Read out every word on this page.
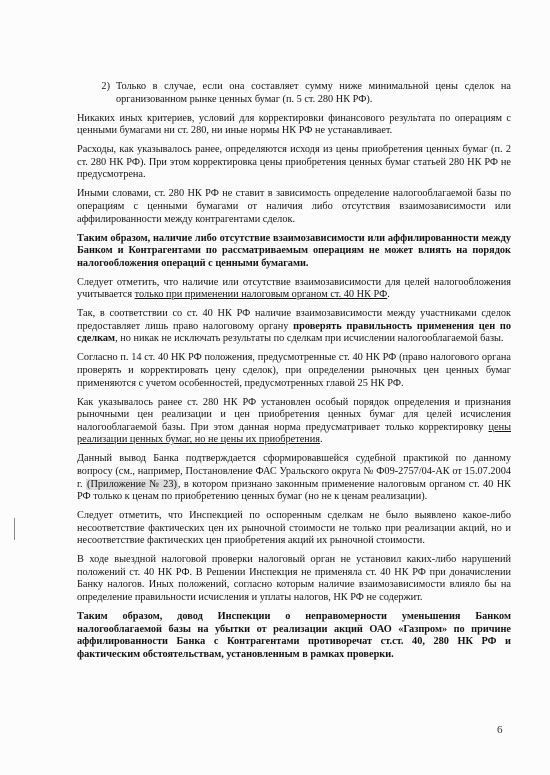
2) Только в случае, если она составляет сумму ниже минимальной цены сделок на организованном рынке ценных бумаг (п. 5 ст. 280 НК РФ).

Никаких иных критериев, условий для корректировки финансового результата по операциям с ценными бумагами ни ст. 280, ни иные нормы НК РФ не устанавливает.

Расходы, как указывалось ранее, определяются исходя из цены приобретения ценных бумаг (п. 2 ст. 280 НК РФ). При этом корректировка цены приобретения ценных бумаг статьей 280 НК РФ не предусмотрена.

Иными словами, ст. 280 НК РФ не ставит в зависимость определение налогооблагаемой базы по операциям с ценными бумагами от наличия либо отсутствия взаимозависимости или аффилированности между контрагентами сделок.

Таким образом, наличие либо отсутствие взаимозависимости или аффилированности между Банком и Контрагентами по рассматриваемым операциям не может влиять на порядок налогообложения операций с ценными бумагами.

Следует отметить, что наличие или отсутствие взаимозависимости для целей налогообложения учитывается только при применении налоговым органом ст. 40 НК РФ.

Так, в соответствии со ст. 40 НК РФ наличие взаимозависимости между участниками сделок предоставляет лишь право налоговому органу проверять правильность применения цен по сделкам, но никак не исключать результаты по сделкам при исчислении налогооблагаемой базы.

Согласно п. 14 ст. 40 НК РФ положения, предусмотренные ст. 40 НК РФ (право налогового органа проверять и корректировать цену сделок), при определении рыночных цен ценных бумаг применяются с учетом особенностей, предусмотренных главой 25 НК РФ.

Как указывалось ранее ст. 280 НК РФ установлен особый порядок определения и признания рыночными цен реализации и цен приобретения ценных бумаг для целей исчисления налогооблагаемой базы. При этом данная норма предусматривает только корректировку цены реализации ценных бумаг, но не цены их приобретения.

Данный вывод Банка подтверждается сформировавшейся судебной практикой по данному вопросу (см., например, Постановление ФАС Уральского округа № Ф09-2757/04-АК от 15.07.2004 г. (Приложение № 23), в котором признано законным применение налоговым органом ст. 40 НК РФ только к ценам по приобретению ценных бумаг (но не к ценам реализации).

Следует отметить, что Инспекцией по оспоренным сделкам не было выявлено какое-либо несоответствие фактических цен их рыночной стоимости не только при реализации акций, но и несоответствие фактических цен приобретения акций их рыночной стоимости.

В ходе выездной налоговой проверки налоговый орган не установил каких-либо нарушений положений ст. 40 НК РФ. В Решении Инспекция не применяла ст. 40 НК РФ при доначислении Банку налогов. Иных положений, согласно которым наличие взаимозависимости влияло бы на определение правильности исчисления и уплаты налогов, НК РФ не содержит.

Таким образом, довод Инспекции о неправомерности уменьшения Банком налогооблагаемой базы на убытки от реализации акций ОАО «Газпром» по причине аффилированности Банка с Контрагентами противоречат ст.ст. 40, 280 НК РФ и фактическим обстоятельствам, установленным в рамках проверки.

6
